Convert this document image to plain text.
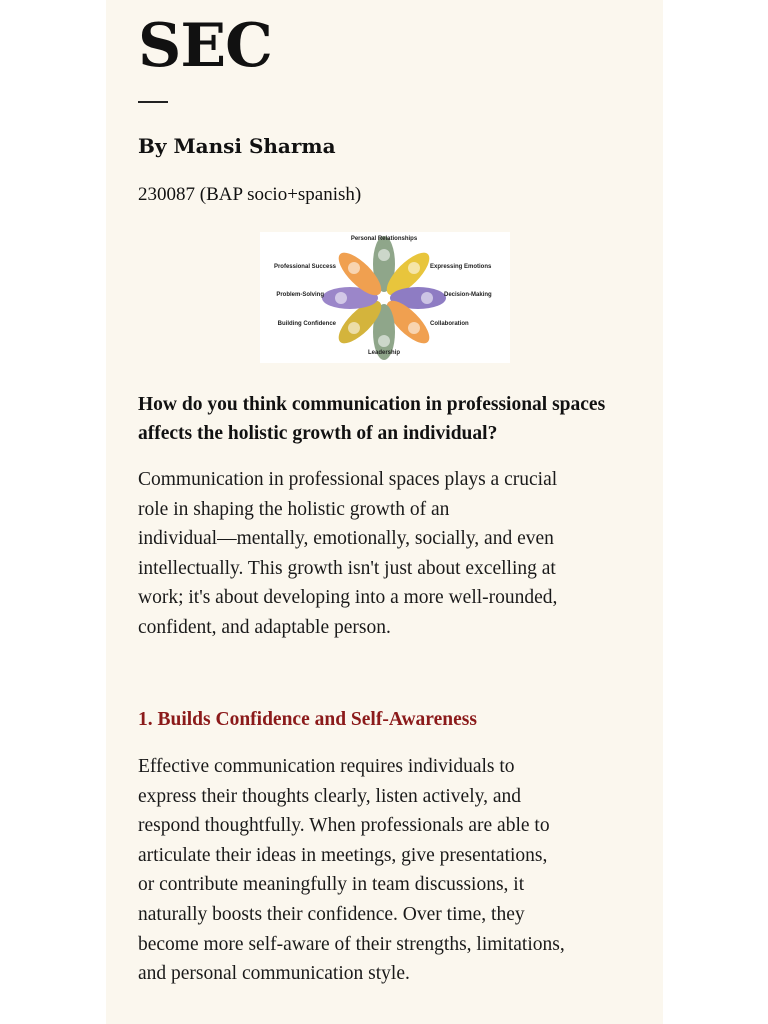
SEC

By Mansi Sharma

230087 (BAP socio+spanish)

Personal Relationships
Expressing Emotions
Decision-Making
Collaboration
Leadership
Building Confidence
Problem-Solving
Professional Success

How do you think communication in professional spaces affects the holistic growth of an individual?

Communication in professional spaces plays a crucial
role in shaping the holistic growth of an
individual—mentally, emotionally, socially, and even
intellectually. This growth isn't just about excelling at
work; it's about developing into a more well-rounded,
confident, and adaptable person.

1. Builds Confidence and Self-Awareness

Effective communication requires individuals to
express their thoughts clearly, listen actively, and
respond thoughtfully. When professionals are able to
articulate their ideas in meetings, give presentations,
or contribute meaningfully in team discussions, it
naturally boosts their confidence. Over time, they
become more self-aware of their strengths, limitations,
and personal communication style.
